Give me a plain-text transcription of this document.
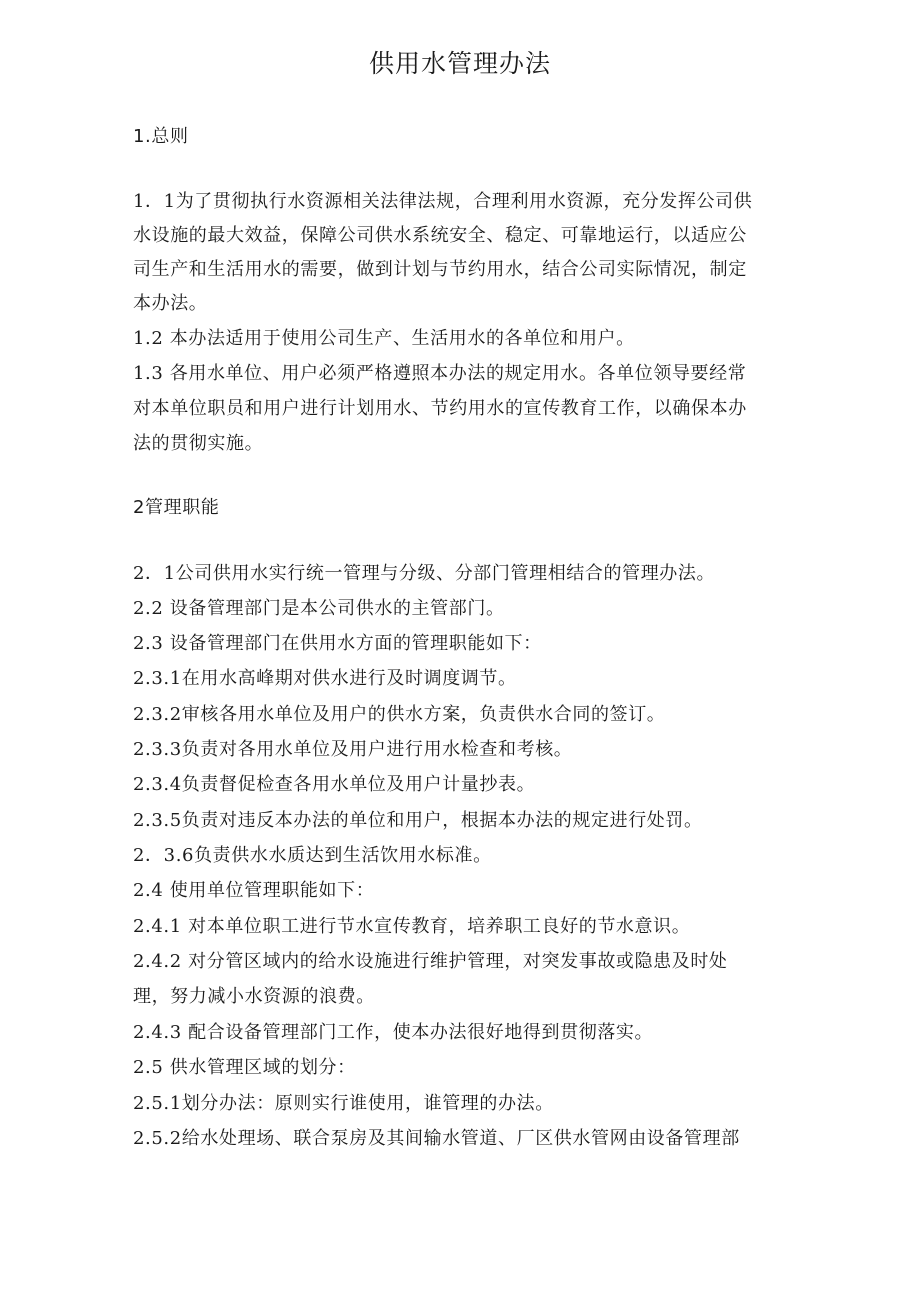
供用水管理办法
1.总则
1．1为了贯彻执行水资源相关法律法规，合理利用水资源，充分发挥公司供
水设施的最大效益，保障公司供水系统安全、稳定、可靠地运行，以适应公
司生产和生活用水的需要，做到计划与节约用水，结合公司实际情况，制定
本办法。
1.2 本办法适用于使用公司生产、生活用水的各单位和用户。
1.3 各用水单位、用户必须严格遵照本办法的规定用水。各单位领导要经常
对本单位职员和用户进行计划用水、节约用水的宣传教育工作，以确保本办
法的贯彻实施。
2管理职能
2．1公司供用水实行统一管理与分级、分部门管理相结合的管理办法。
2.2 设备管理部门是本公司供水的主管部门。
2.3 设备管理部门在供用水方面的管理职能如下：
2.3.1在用水高峰期对供水进行及时调度调节。
2.3.2审核各用水单位及用户的供水方案，负责供水合同的签订。
2.3.3负责对各用水单位及用户进行用水检查和考核。
2.3.4负责督促检查各用水单位及用户计量抄表。
2.3.5负责对违反本办法的单位和用户，根据本办法的规定进行处罚。
2．3.6负责供水水质达到生活饮用水标准。
2.4 使用单位管理职能如下：
2.4.1 对本单位职工进行节水宣传教育，培养职工良好的节水意识。
2.4.2 对分管区域内的给水设施进行维护管理，对突发事故或隐患及时处
理，努力减小水资源的浪费。
2.4.3 配合设备管理部门工作，使本办法很好地得到贯彻落实。
2.5 供水管理区域的划分：
2.5.1划分办法：原则实行谁使用，谁管理的办法。
2.5.2给水处理场、联合泵房及其间输水管道、厂区供水管网由设备管理部
